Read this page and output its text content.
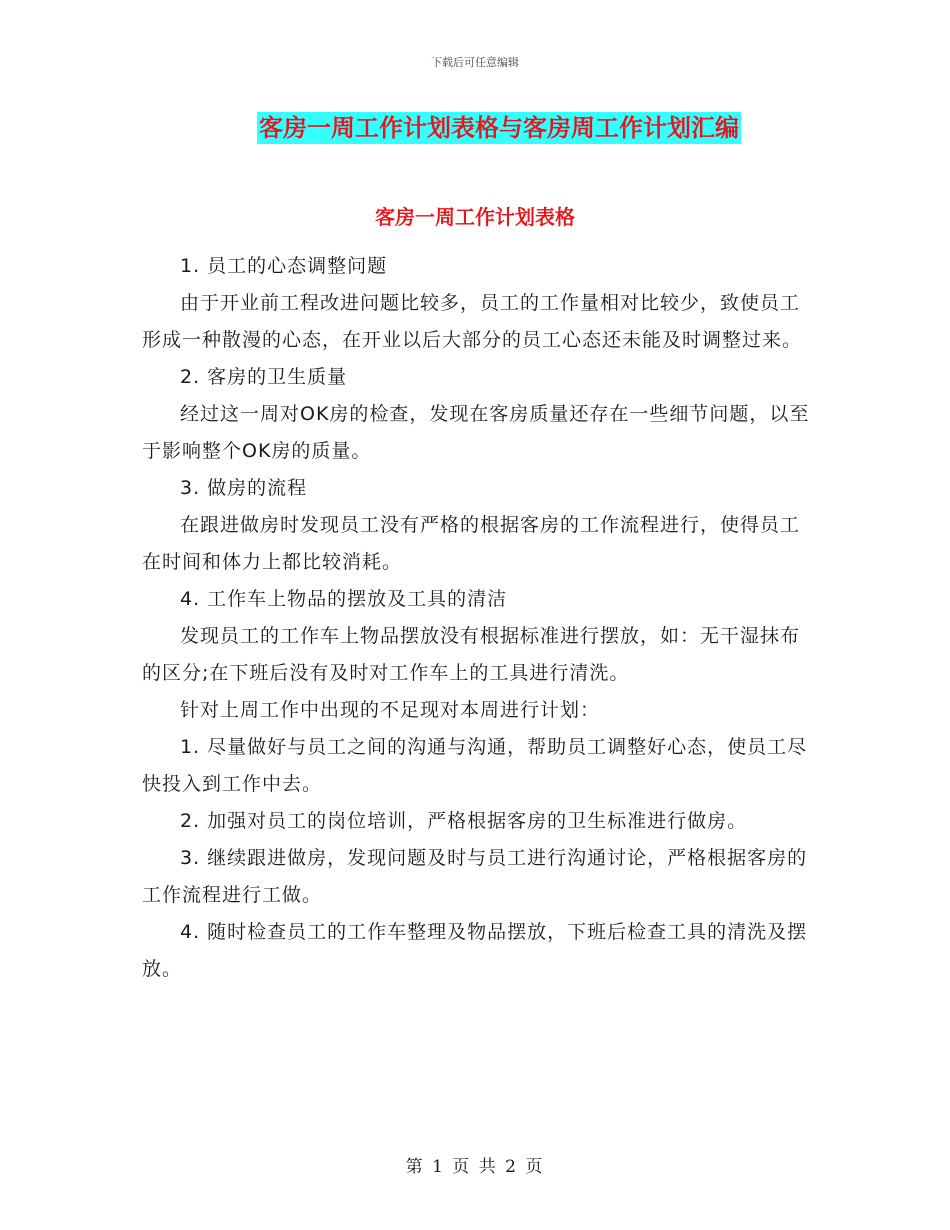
下载后可任意编辑
客房一周工作计划表格与客房周工作计划汇编
客房一周工作计划表格

1. 员工的心态调整问题

由于开业前工程改进问题比较多，员工的工作量相对比较少，致使员工形成一种散漫的心态，在开业以后大部分的员工心态还未能及时调整过来。

2. 客房的卫生质量

经过这一周对OK房的检查，发现在客房质量还存在一些细节问题，以至于影响整个OK房的质量。

3. 做房的流程

在跟进做房时发现员工没有严格的根据客房的工作流程进行，使得员工在时间和体力上都比较消耗。

4. 工作车上物品的摆放及工具的清洁

发现员工的工作车上物品摆放没有根据标准进行摆放，如：无干湿抹布的区分;在下班后没有及时对工作车上的工具进行清洗。

针对上周工作中出现的不足现对本周进行计划：

1. 尽量做好与员工之间的沟通与沟通，帮助员工调整好心态，使员工尽快投入到工作中去。

2. 加强对员工的岗位培训，严格根据客房的卫生标准进行做房。

3. 继续跟进做房，发现问题及时与员工进行沟通讨论，严格根据客房的工作流程进行工做。

4. 随时检查员工的工作车整理及物品摆放，下班后检查工具的清洗及摆放。

第 1 页 共 2 页
